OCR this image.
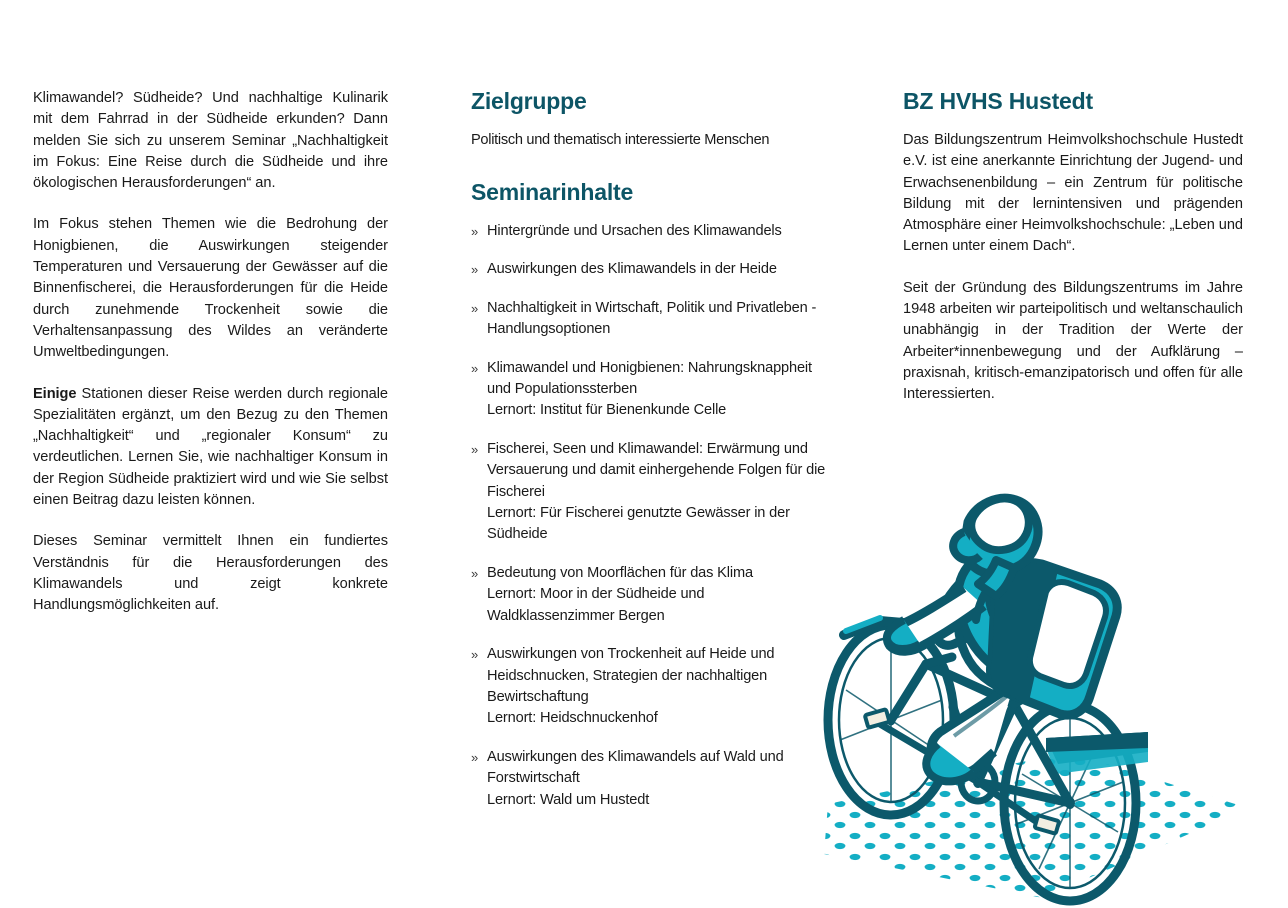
Klimawandel? Südheide? Und nachhaltige Kulinarik mit dem Fahrrad in der Südheide erkunden? Dann melden Sie sich zu unserem Seminar „Nachhaltigkeit im Fokus: Eine Reise durch die Südheide und ihre ökologischen Herausforderungen“ an.

Im Fokus stehen Themen wie die Bedrohung der Honigbienen, die Auswirkungen steigender Temperaturen und Versauerung der Gewässer auf die Binnenfischerei, die Herausforderungen für die Heide durch zunehmende Trockenheit sowie die Verhaltensanpassung des Wildes an veränderte Umweltbedingungen.

Einige Stationen dieser Reise werden durch regionale Spezialitäten ergänzt, um den Bezug zu den Themen „Nachhaltigkeit“ und „regionaler Konsum“ zu verdeutlichen. Lernen Sie, wie nachhaltiger Konsum in der Region Südheide praktiziert wird und wie Sie selbst einen Beitrag dazu leisten können.

Dieses Seminar vermittelt Ihnen ein fundiertes Verständnis für die Herausforderungen des Klimawandels und zeigt konkrete Handlungsmöglichkeiten auf.

Zielgruppe

Politisch und thematisch interessierte Menschen

Seminarinhalte
» Hintergründe und Ursachen des Klimawandels
» Auswirkungen des Klimawandels in der Heide
» Nachhaltigkeit in Wirtschaft, Politik und Privatleben - Handlungsoptionen
» Klimawandel und Honigbienen: Nahrungsknappheit und Populationssterben
Lernort: Institut für Bienenkunde Celle
» Fischerei, Seen und Klimawandel: Erwärmung und Versauerung und damit einhergehende Folgen für die Fischerei
Lernort: Für Fischerei genutzte Gewässer in der Südheide
» Bedeutung von Moorflächen für das Klima
Lernort: Moor in der Südheide und Waldklassenzimmer Bergen
» Auswirkungen von Trockenheit auf Heide und Heidschnucken, Strategien der nachhaltigen Bewirtschaftung
Lernort: Heidschnuckenhof
» Auswirkungen des Klimawandels auf Wald und Forstwirtschaft
Lernort: Wald um Hustedt
BZ HVHS Hustedt

Das Bildungszentrum Heimvolkshochschule Hustedt e.V. ist eine anerkannte Einrichtung der Jugend- und Erwachsenenbildung – ein Zentrum für politische Bildung mit der lernintensiven und prägenden Atmosphäre einer Heimvolkshochschule: „Leben und Lernen unter einem Dach“.

Seit der Gründung des Bildungszentrums im Jahre 1948 arbeiten wir parteipolitisch und weltanschaulich unabhängig in der Tradition der Werte der Arbeiter*innenbewegung und der Aufklärung – praxisnah, kritisch-emanzipatorisch und offen für alle Interessierten.
